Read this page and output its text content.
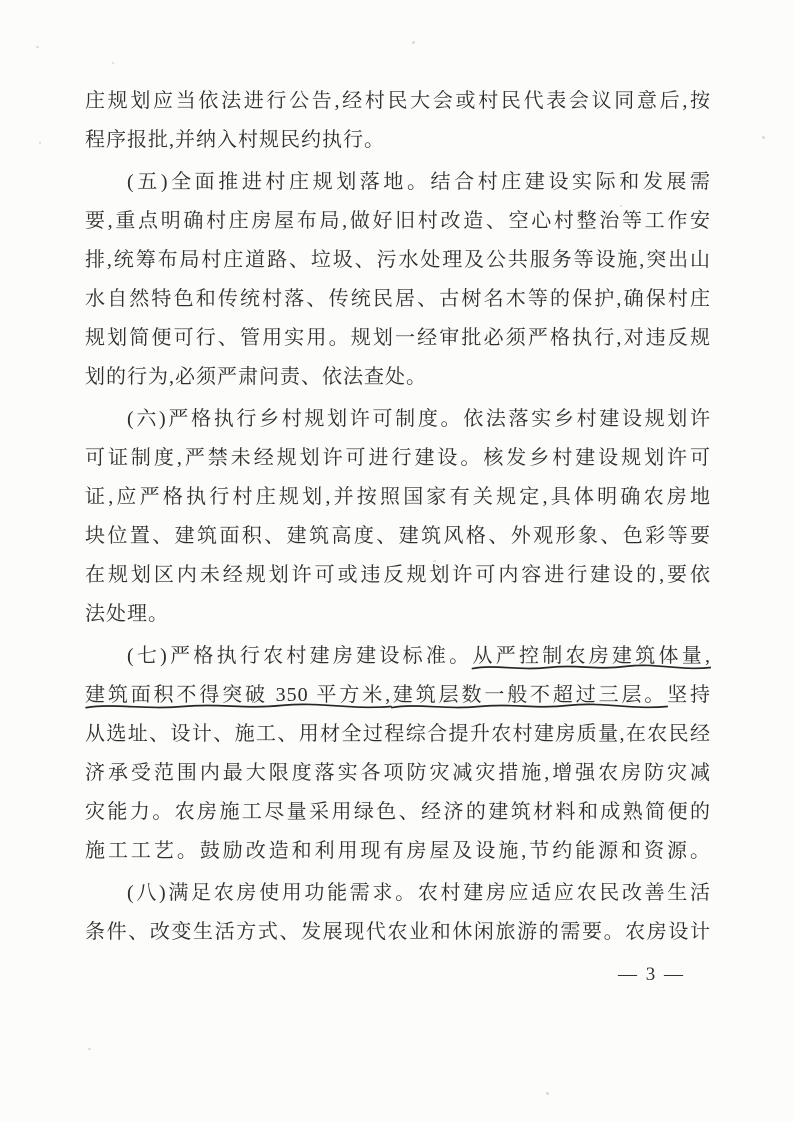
庄规划应当依法进行公告,经村民大会或村民代表会议同意后,按
程序报批,并纳入村规民约执行。
(五)全面推进村庄规划落地。结合村庄建设实际和发展需
要,重点明确村庄房屋布局,做好旧村改造、空心村整治等工作安
排,统筹布局村庄道路、垃圾、污水处理及公共服务等设施,突出山
水自然特色和传统村落、传统民居、古树名木等的保护,确保村庄
规划简便可行、管用实用。规划一经审批必须严格执行,对违反规
划的行为,必须严肃问责、依法查处。
(六)严格执行乡村规划许可制度。依法落实乡村建设规划许
可证制度,严禁未经规划许可进行建设。核发乡村建设规划许可
证,应严格执行村庄规划,并按照国家有关规定,具体明确农房地
块位置、建筑面积、建筑高度、建筑风格、外观形象、色彩等要
在规划区内未经规划许可或违反规划许可内容进行建设的,要依
法处理。
(七)严格执行农村建房建设标准。从严控制农房建筑体量,
建筑面积不得突破 350 平方米,
建筑层数一般不超过三层。
坚持
从选址、设计、施工、用材全过程综合提升农村建房质量,在农民经
济承受范围内最大限度落实各项防灾减灾措施,增强农房防灾减
灾能力。农房施工尽量采用绿色、经济的建筑材料和成熟简便的
施工工艺。鼓励改造和利用现有房屋及设施,节约能源和资源。
(八)满足农房使用功能需求。农村建房应适应农民改善生活
条件、改变生活方式、发展现代农业和休闲旅游的需要。农房设计
— 3 —
